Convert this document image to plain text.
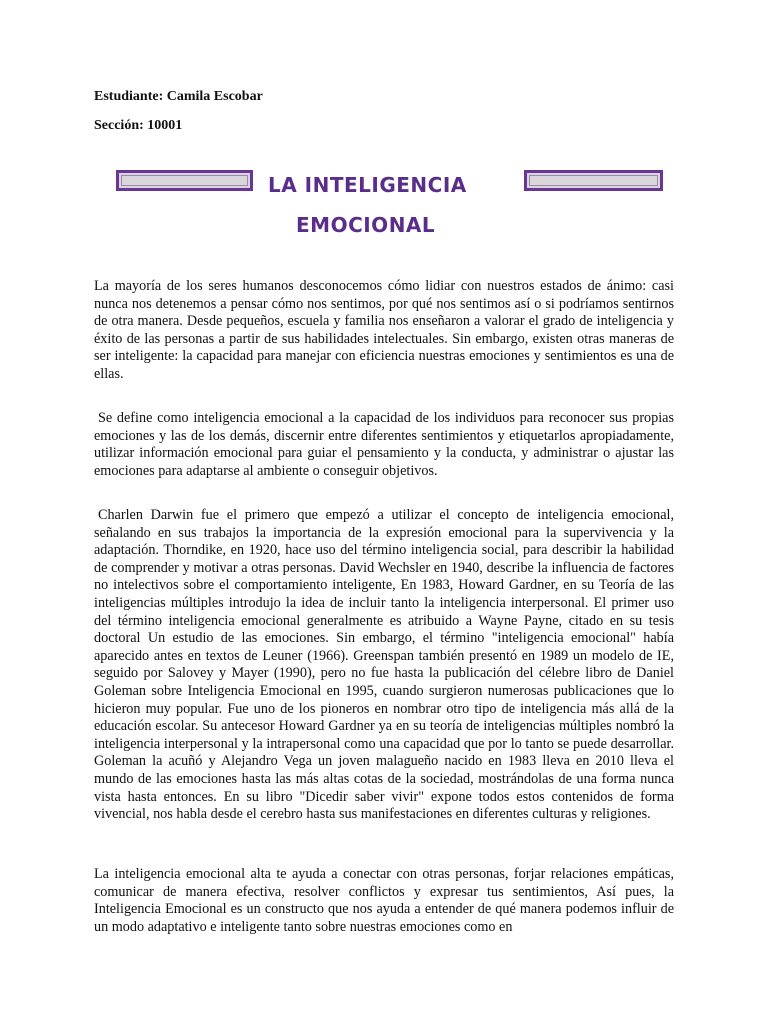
Estudiante: Camila Escobar
Sección: 10001
LA INTELIGENCIA
EMOCIONAL

La mayoría de los seres humanos desconocemos cómo lidiar con nuestros estados de ánimo: casi nunca nos detenemos a pensar cómo nos sentimos, por qué nos sentimos así o si podríamos sentirnos de otra manera. Desde pequeños, escuela y familia nos enseñaron a valorar el grado de inteligencia y éxito de las personas a partir de sus habilidades intelectuales. Sin embargo, existen otras maneras de ser inteligente: la capacidad para manejar con eficiencia nuestras emociones y sentimientos es una de ellas.

Se define como inteligencia emocional a la capacidad de los individuos para reconocer sus propias emociones y las de los demás, discernir entre diferentes sentimientos y etiquetarlos apropiadamente, utilizar información emocional para guiar el pensamiento y la conducta, y administrar o ajustar las emociones para adaptarse al ambiente o conseguir objetivos.

Charlen Darwin fue el primero que empezó a utilizar el concepto de inteligencia emocional, señalando en sus trabajos la importancia de la expresión emocional para la supervivencia y la adaptación. Thorndike, en 1920, hace uso del término inteligencia social, para describir la habilidad de comprender y motivar a otras personas. David Wechsler en 1940, describe la influencia de factores no intelectivos sobre el comportamiento inteligente, En 1983, Howard Gardner, en su Teoría de las inteligencias múltiples introdujo la idea de incluir tanto la inteligencia interpersonal. El primer uso del término inteligencia emocional generalmente es atribuido a Wayne Payne, citado en su tesis doctoral Un estudio de las emociones. Sin embargo, el término "inteligencia emocional" había aparecido antes en textos de Leuner (1966). Greenspan también presentó en 1989 un modelo de IE, seguido por Salovey y Mayer (1990), pero no fue hasta la publicación del célebre libro de Daniel Goleman sobre Inteligencia Emocional en 1995, cuando surgieron numerosas publicaciones que lo hicieron muy popular. Fue uno de los pioneros en nombrar otro tipo de inteligencia más allá de la educación escolar. Su antecesor Howard Gardner ya en su teoría de inteligencias múltiples nombró la inteligencia interpersonal y la intrapersonal como una capacidad que por lo tanto se puede desarrollar. Goleman la acuñó y Alejandro Vega un joven malagueño nacido en 1983 lleva en 2010 lleva el mundo de las emociones hasta las más altas cotas de la sociedad, mostrándolas de una forma nunca vista hasta entonces. En su libro "Dicedir saber vivir" expone todos estos contenidos de forma vivencial, nos habla desde el cerebro hasta sus manifestaciones en diferentes culturas y religiones.

La inteligencia emocional alta te ayuda a conectar con otras personas, forjar relaciones empáticas, comunicar de manera efectiva, resolver conflictos y expresar tus sentimientos, Así pues, la Inteligencia Emocional es un constructo que nos ayuda a entender de qué manera podemos influir de un modo adaptativo e inteligente tanto sobre nuestras emociones como en
